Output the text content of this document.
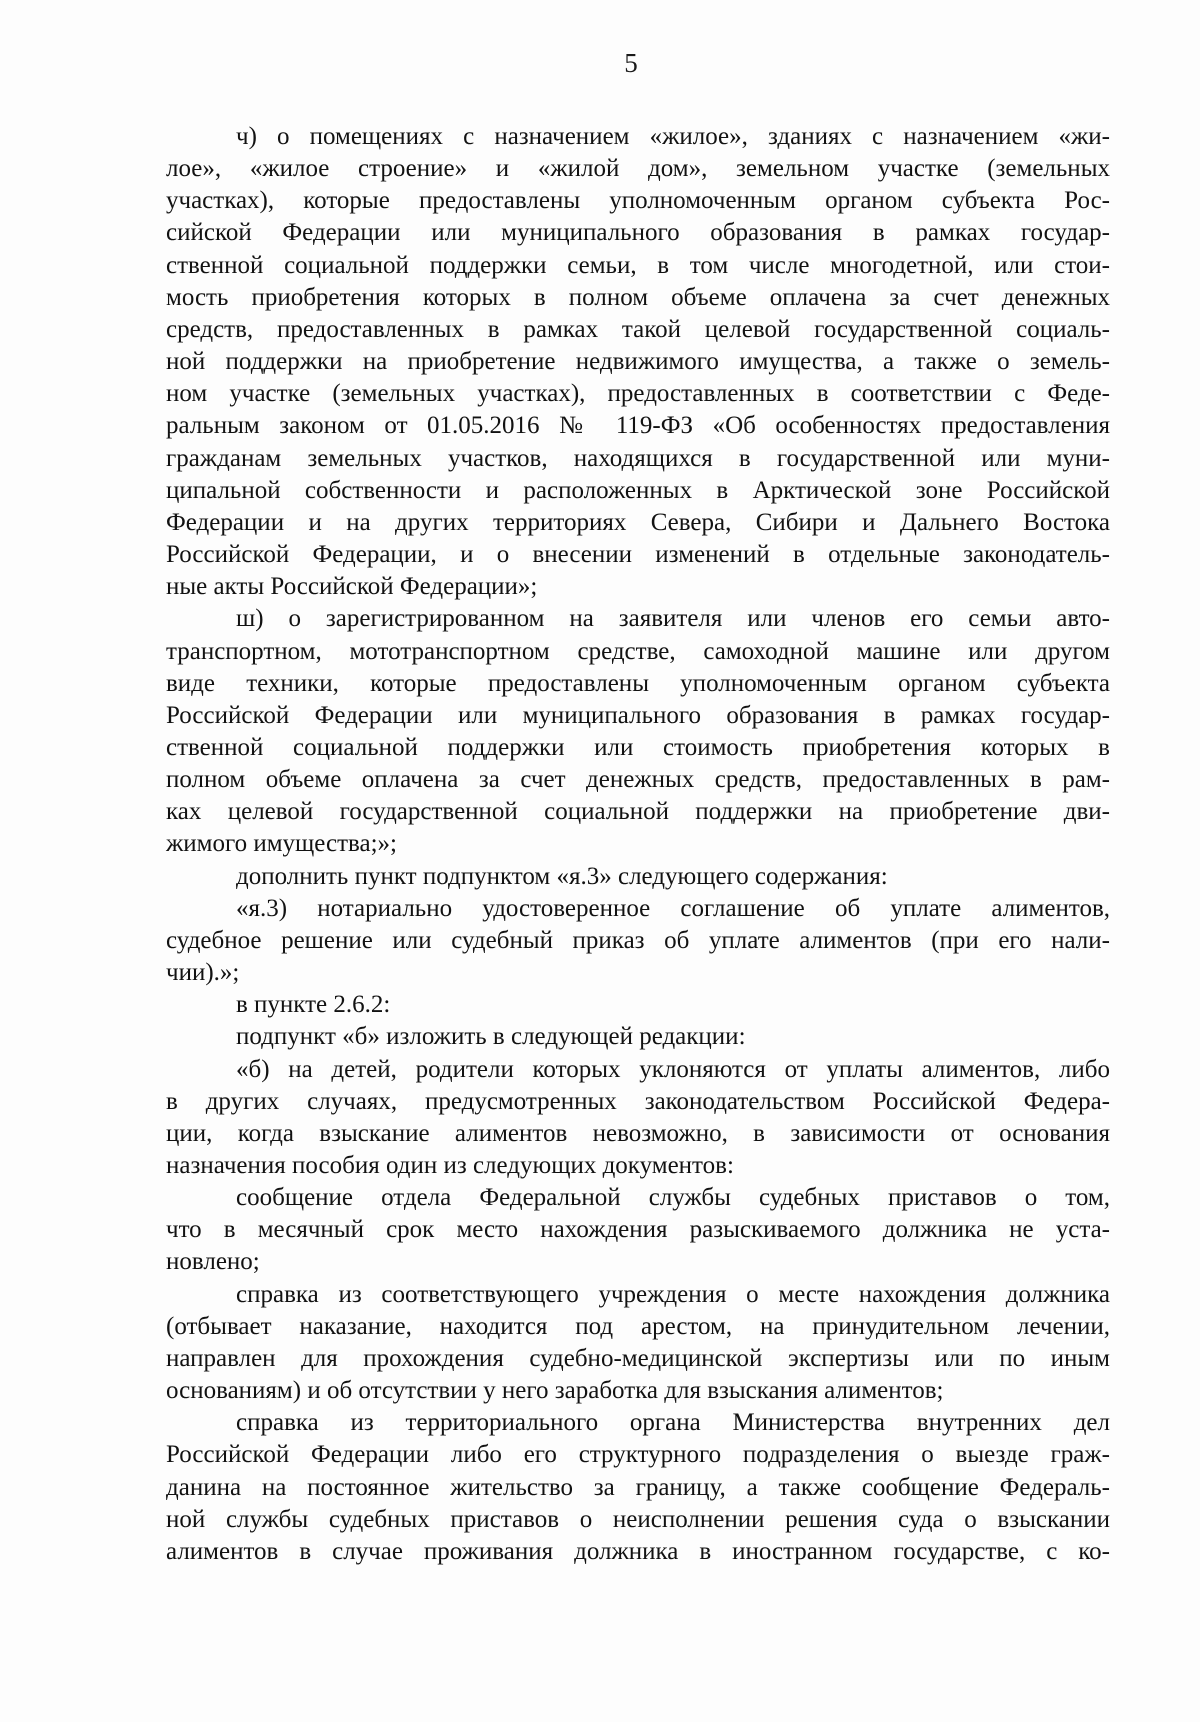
5
ч) о помещениях с назначением «жилое», зданиях с назначением «жи-
лое», «жилое строение» и «жилой дом», земельном участке (земельных
участках), которые предоставлены уполномоченным органом субъекта Рос-
сийской Федерации или муниципального образования в рамках государ-
ственной социальной поддержки семьи, в том числе многодетной, или стои-
мость приобретения которых в полном объеме оплачена за счет денежных
средств, предоставленных в рамках такой целевой государственной социаль-
ной поддержки на приобретение недвижимого имущества, а также о земель-
ном участке (земельных участках), предоставленных в соответствии с Феде-
ральным законом от 01.05.2016 № 119-ФЗ «Об особенностях предоставления
гражданам земельных участков, находящихся в государственной или муни-
ципальной собственности и расположенных в Арктической зоне Российской
Федерации и на других территориях Севера, Сибири и Дальнего Востока
Российской Федерации, и о внесении изменений в отдельные законодатель-
ные акты Российской Федерации»;
ш) о зарегистрированном на заявителя или членов его семьи авто-
транспортном, мототранспортном средстве, самоходной машине или другом
виде техники, которые предоставлены уполномоченным органом субъекта
Российской Федерации или муниципального образования в рамках государ-
ственной социальной поддержки или стоимость приобретения которых в
полном объеме оплачена за счет денежных средств, предоставленных в рам-
ках целевой государственной социальной поддержки на приобретение дви-
жимого имущества;»;
дополнить пункт подпунктом «я.3» следующего содержания:
«я.3) нотариально удостоверенное соглашение об уплате алиментов,
судебное решение или судебный приказ об уплате алиментов (при его нали-
чии).»;
в пункте 2.6.2:
подпункт «б» изложить в следующей редакции:
«б) на детей, родители которых уклоняются от уплаты алиментов, либо
в других случаях, предусмотренных законодательством Российской Федера-
ции, когда взыскание алиментов невозможно, в зависимости от основания
назначения пособия один из следующих документов:
сообщение отдела Федеральной службы судебных приставов о том,
что в месячный срок место нахождения разыскиваемого должника не уста-
новлено;
справка из соответствующего учреждения о месте нахождения должника
(отбывает наказание, находится под арестом, на принудительном лечении,
направлен для прохождения судебно-медицинской экспертизы или по иным
основаниям) и об отсутствии у него заработка для взыскания алиментов;
справка из территориального органа Министерства внутренних дел
Российской Федерации либо его структурного подразделения о выезде граж-
данина на постоянное жительство за границу, а также сообщение Федераль-
ной службы судебных приставов о неисполнении решения суда о взыскании
алиментов в случае проживания должника в иностранном государстве, с ко-
